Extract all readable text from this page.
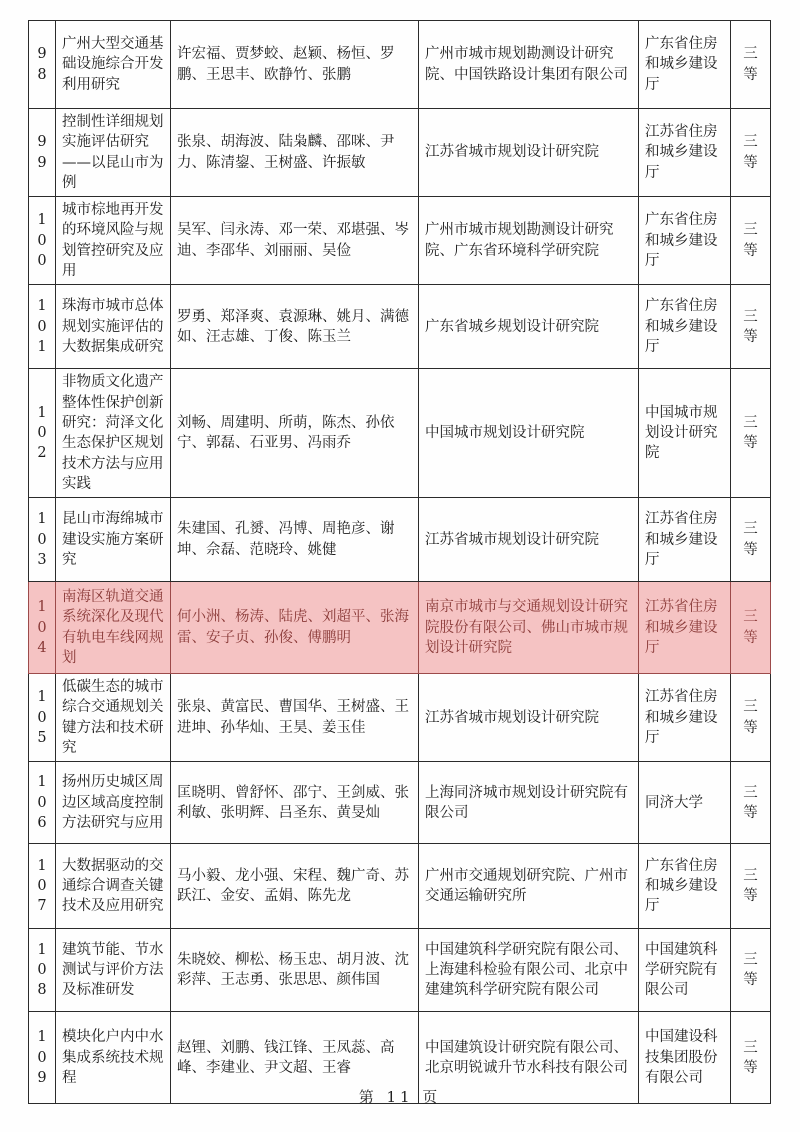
98	广州大型交通基础设施综合开发利用研究	许宏福、贾梦蛟、赵颖、杨恒、罗鹏、王思丰、欧静竹、张鹏	广州市城市规划勘测设计研究院、中国铁路设计集团有限公司	广东省住房和城乡建设厅	三等
99	控制性详细规划实施评估研究——以昆山市为例	张泉、胡海波、陆枭麟、邵咪、尹力、陈清鋆、王树盛、许振敏	江苏省城市规划设计研究院	江苏省住房和城乡建设厅	三等
100	城市棕地再开发的环境风险与规划管控研究及应用	吴军、闫永涛、邓一荣、邓堪强、岑迪、李邵华、刘丽丽、吴俭	广州市城市规划勘测设计研究院、广东省环境科学研究院	广东省住房和城乡建设厅	三等
101	珠海市城市总体规划实施评估的大数据集成研究	罗勇、郑泽爽、袁源琳、姚月、满德如、汪志雄、丁俊、陈玉兰	广东省城乡规划设计研究院	广东省住房和城乡建设厅	三等
102	非物质文化遗产整体性保护创新研究：菏泽文化生态保护区规划技术方法与应用实践	刘畅、周建明、所萌，陈杰、孙依宁、郭磊、石亚男、冯雨乔	中国城市规划设计研究院	中国城市规划设计研究院	三等
103	昆山市海绵城市建设实施方案研究	朱建国、孔赟、冯博、周艳彦、谢坤、佘磊、范晓玲、姚健	江苏省城市规划设计研究院	江苏省住房和城乡建设厅	三等
104	南海区轨道交通系统深化及现代有轨电车线网规划	何小洲、杨涛、陆虎、刘超平、张海雷、安子贞、孙俊、傅鹏明	南京市城市与交通规划设计研究院股份有限公司、佛山市城市规划设计研究院	江苏省住房和城乡建设厅	三等
105	低碳生态的城市综合交通规划关键方法和技术研究	张泉、黄富民、曹国华、王树盛、王进坤、孙华灿、王昊、姜玉佳	江苏省城市规划设计研究院	江苏省住房和城乡建设厅	三等
106	扬州历史城区周边区域高度控制方法研究与应用	匡晓明、曾舒怀、邵宁、王剑威、张利敏、张明辉、吕圣东、黄旻灿	上海同济城市规划设计研究院有限公司	同济大学	三等
107	大数据驱动的交通综合调查关键技术及应用研究	马小毅、龙小强、宋程、魏广奇、苏跃江、金安、孟娟、陈先龙	广州市交通规划研究院、广州市交通运输研究所	广东省住房和城乡建设厅	三等
108	建筑节能、节水测试与评价方法及标准研发	朱晓姣、柳松、杨玉忠、胡月波、沈彩萍、王志勇、张思思、颜伟国	中国建筑科学研究院有限公司、上海建科检验有限公司、北京中建建筑科学研究院有限公司	中国建筑科学研究院有限公司	三等
109	模块化户内中水集成系统技术规程	赵锂、刘鹏、钱江锋、王凤蕊、高峰、李建业、尹文超、王睿	中国建筑设计研究院有限公司、北京明锐诚升节水科技有限公司	中国建设科技集团股份有限公司	三等
第 11 页
